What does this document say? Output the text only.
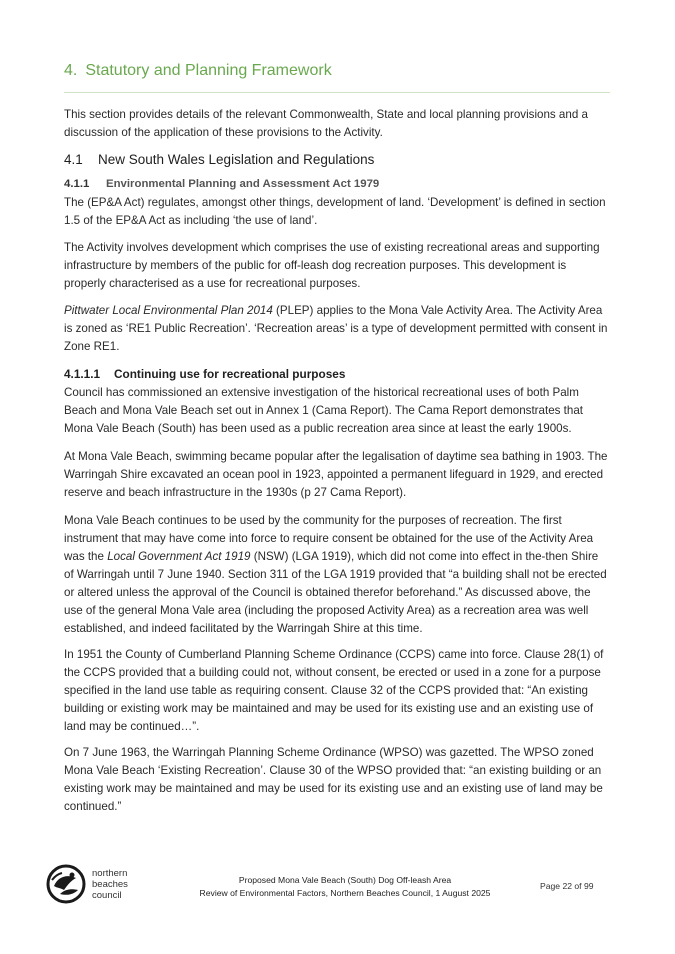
4. Statutory and Planning Framework

This section provides details of the relevant Commonwealth, State and local planning provisions and a discussion of the application of these provisions to the Activity.

4.1 New South Wales Legislation and Regulations
4.1.1 Environmental Planning and Assessment Act 1979

The (EP&A Act) regulates, amongst other things, development of land. ‘Development’ is defined in section 1.5 of the EP&A Act as including ‘the use of land’.

The Activity involves development which comprises the use of existing recreational areas and supporting infrastructure by members of the public for off-leash dog recreation purposes. This development is properly characterised as a use for recreational purposes.

Pittwater Local Environmental Plan 2014 (PLEP) applies to the Mona Vale Activity Area. The Activity Area is zoned as ‘RE1 Public Recreation’. ‘Recreation areas’ is a type of development permitted with consent in Zone RE1.

4.1.1.1 Continuing use for recreational purposes

Council has commissioned an extensive investigation of the historical recreational uses of both Palm Beach and Mona Vale Beach set out in Annex 1 (Cama Report). The Cama Report demonstrates that Mona Vale Beach (South) has been used as a public recreation area since at least the early 1900s.

At Mona Vale Beach, swimming became popular after the legalisation of daytime sea bathing in 1903. The Warringah Shire excavated an ocean pool in 1923, appointed a permanent lifeguard in 1929, and erected reserve and beach infrastructure in the 1930s (p 27 Cama Report).

Mona Vale Beach continues to be used by the community for the purposes of recreation. The first instrument that may have come into force to require consent be obtained for the use of the Activity Area was the Local Government Act 1919 (NSW) (LGA 1919), which did not come into effect in the-then Shire of Warringah until 7 June 1940. Section 311 of the LGA 1919 provided that “a building shall not be erected or altered unless the approval of the Council is obtained therefor beforehand.” As discussed above, the use of the general Mona Vale area (including the proposed Activity Area) as a recreation area was well established, and indeed facilitated by the Warringah Shire at this time.

In 1951 the County of Cumberland Planning Scheme Ordinance (CCPS) came into force. Clause 28(1) of the CCPS provided that a building could not, without consent, be erected or used in a zone for a purpose specified in the land use table as requiring consent. Clause 32 of the CCPS provided that: “An existing building or existing work may be maintained and may be used for its existing use and an existing use of land may be continued…”.

On 7 June 1963, the Warringah Planning Scheme Ordinance (WPSO) was gazetted. The WPSO zoned Mona Vale Beach ‘Existing Recreation’. Clause 30 of the WPSO provided that: “an existing building or an existing work may be maintained and may be used for its existing use and an existing use of land may be continued.”

northern
beaches
council
Proposed Mona Vale Beach (South) Dog Off-leash Area
Review of Environmental Factors, Northern Beaches Council, 1 August 2025
Page 22 of 99
